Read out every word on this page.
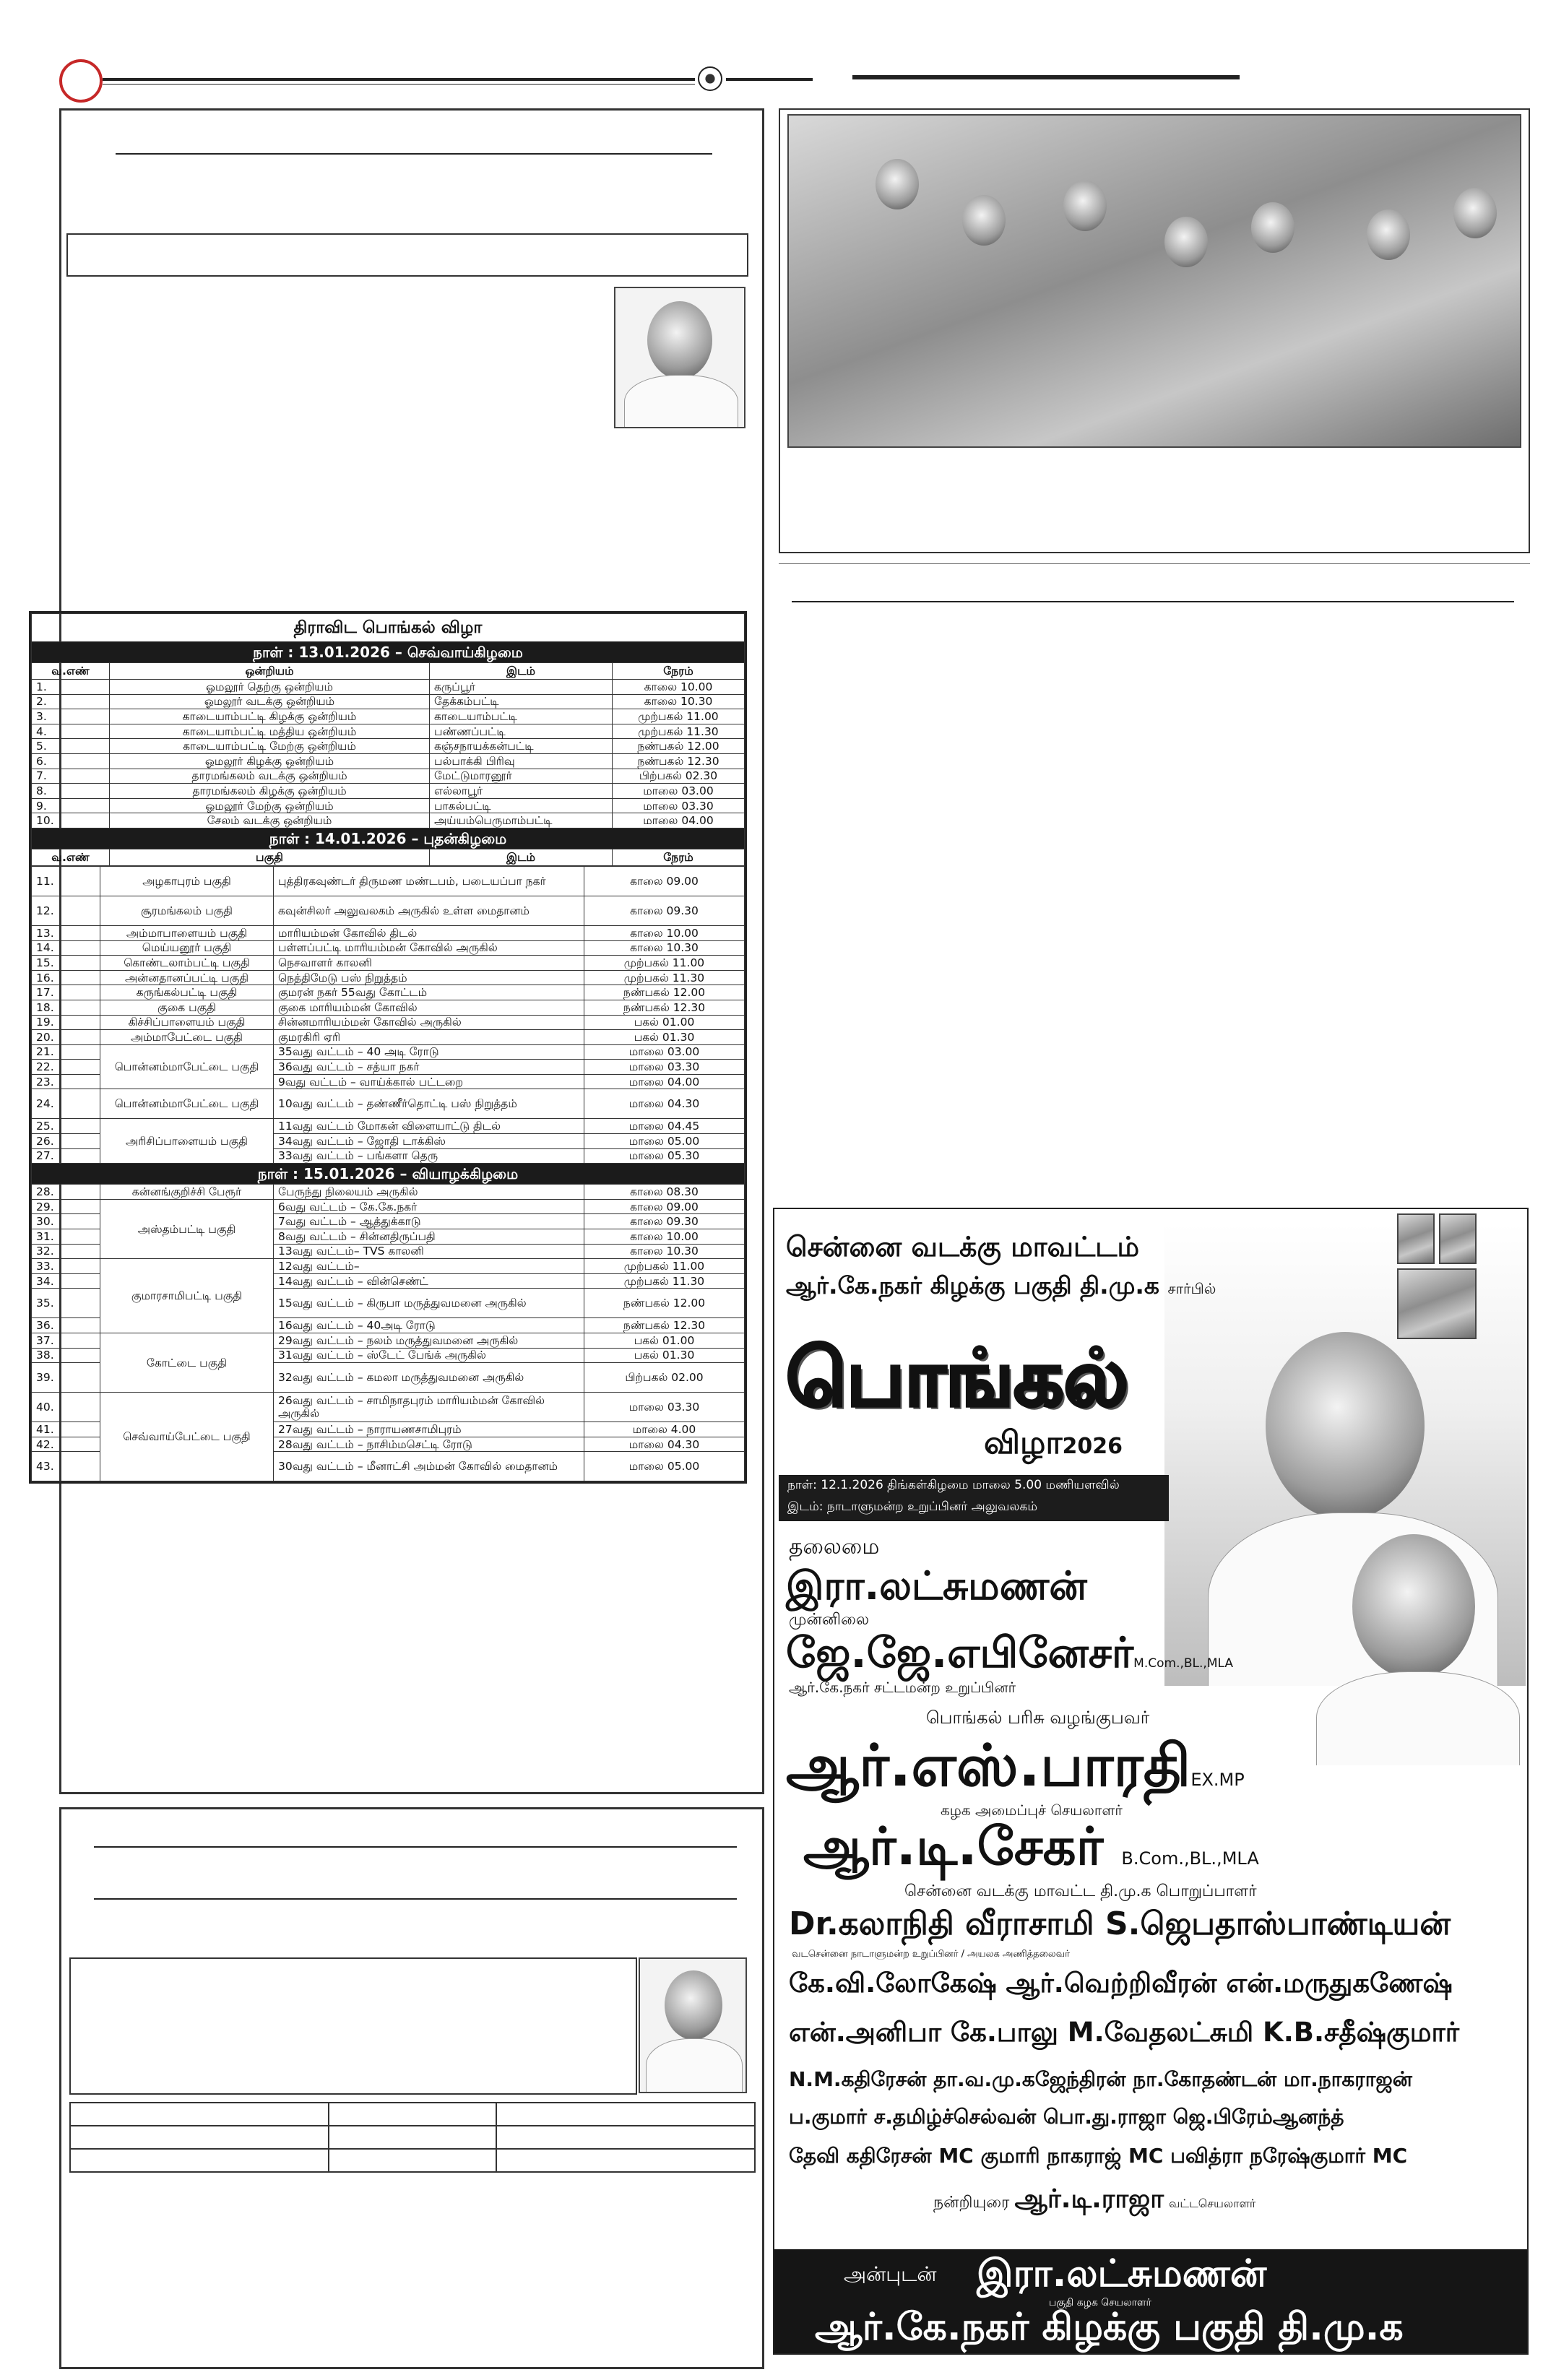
திராவிட பொங்கல் விழா			
நாள் : 13.01.2026 – செவ்வாய்கிழமை			
வ.எண்	ஒன்றியம்	இடம்	நேரம்
1.	ஓமலூர் தெற்கு ஒன்றியம்	கருப்பூர்	காலை 10.00
2.	ஓமலூர் வடக்கு ஒன்றியம்	தேக்கம்பட்டி	காலை 10.30
3.	காடையாம்பட்டி கிழக்கு ஒன்றியம்	காடையாம்பட்டி	முற்பகல் 11.00
4.	காடையாம்பட்டி மத்திய ஒன்றியம்	பண்ணப்பட்டி	முற்பகல் 11.30
5.	காடையாம்பட்டி மேற்கு ஒன்றியம்	கஞ்சநாயக்கன்பட்டி	நண்பகல் 12.00
6.	ஓமலூர் கிழக்கு ஒன்றியம்	பல்பாக்கி பிரிவு	நண்பகல் 12.30
7.	தாரமங்கலம் வடக்கு ஒன்றியம்	மேட்டுமாரனூர்	பிற்பகல் 02.30
8.	தாரமங்கலம் கிழக்கு ஒன்றியம்	எல்லாபூர்	மாலை 03.00
9.	ஓமலூர் மேற்கு ஒன்றியம்	பாகல்பட்டி	மாலை 03.30
10.	சேலம் வடக்கு ஒன்றியம்	அய்யம்பெருமாம்பட்டி	மாலை 04.00
நாள் : 14.01.2026 – புதன்கிழமை			
வ.எண்	பகுதி	இடம்	நேரம்
11.	அழகாபுரம் பகுதி	புத்திரகவுண்டர் திருமண மண்டபம், படையப்பா நகர்	காலை 09.00
12.	சூரமங்கலம் பகுதி	கவுன்சிலர் அலுவலகம் அருகில் உள்ள மைதானம்	காலை 09.30
13.	அம்மாபாளையம் பகுதி	மாரியம்மன் கோவில் திடல்	காலை 10.00
14.	மெய்யனூர் பகுதி	பள்ளப்பட்டி மாரியம்மன் கோவில் அருகில்	காலை 10.30
15.	கொண்டலாம்பட்டி பகுதி	நெசவாளர் காலனி	முற்பகல் 11.00
16.	அன்னதானப்பட்டி பகுதி	நெத்திமேடு பஸ் நிறுத்தம்	முற்பகல் 11.30
17.	கருங்கல்பட்டி பகுதி	குமரன் நகர் 55வது கோட்டம்	நண்பகல் 12.00
18.	குகை பகுதி	குகை மாரியம்மன் கோவில்	நண்பகல் 12.30
19.	கிச்சிப்பாளையம் பகுதி	சின்னமாரியம்மன் கோவில் அருகில்	பகல் 01.00
20.	அம்மாபேட்டை பகுதி	குமரகிரி ஏரி	பகல் 01.30
21.	பொன்னம்மாபேட்டை பகுதி	35வது வட்டம் – 40 அடி ரோடு	மாலை 03.00
22.		36வது வட்டம் – சத்யா நகர்	மாலை 03.30
23.		9வது வட்டம் – வாய்க்கால் பட்டறை	மாலை 04.00
24.	பொன்னம்மாபேட்டை பகுதி	10வது வட்டம் – தண்ணீர்தொட்டி பஸ் நிறுத்தம்	மாலை 04.30
25.	அரிசிப்பாளையம் பகுதி	11வது வட்டம் மோகன் விளையாட்டு திடல்	மாலை 04.45
26.		34வது வட்டம் – ஜோதி டாக்கிஸ்	மாலை 05.00
27.		33வது வட்டம் – பங்களா தெரு	மாலை 05.30
நாள் : 15.01.2026 – வியாழக்கிழமை			
28.	கன்னங்குறிச்சி பேரூர்	பேருந்து நிலையம் அருகில்	காலை 08.30
29.	அஸ்தம்பட்டி பகுதி	6வது வட்டம் – கே.கே.நகர்	காலை 09.00
30.		7வது வட்டம் – ஆத்துக்காடு	காலை 09.30
31.		8வது வட்டம் – சின்னதிருப்பதி	காலை 10.00
32.		13வது வட்டம்– TVS காலனி	காலை 10.30
33.	குமாரசாமிபட்டி பகுதி	12வது வட்டம்–	முற்பகல் 11.00
34.		14வது வட்டம் – வின்செண்ட்	முற்பகல் 11.30
35.		15வது வட்டம் – கிருபா மருத்துவமனை அருகில்	நண்பகல் 12.00
36.		16வது வட்டம் – 40அடி ரோடு	நண்பகல் 12.30
37.	கோட்டை பகுதி	29வது வட்டம் – நலம் மருத்துவமனை அருகில்	பகல் 01.00
38.		31வது வட்டம் – ஸ்டேட் பேங்க் அருகில்	பகல் 01.30
39.		32வது வட்டம் – கமலா மருத்துவமனை அருகில்	பிற்பகல் 02.00
40.	செவ்வாய்பேட்டை பகுதி	26வது வட்டம் – சாமிநாதபுரம் மாரியம்மன் கோவில் அருகில்	மாலை 03.30
41.		27வது வட்டம் – நாராயணசாமிபுரம்	மாலை 4.00
42.		28வது வட்டம் – நாசிம்மசெட்டி ரோடு	மாலை 04.30
43.		30வது வட்டம் – மீனாட்சி அம்மன் கோவில் மைதானம்	மாலை 05.00

சென்னை வடக்கு மாவட்டம்
ஆர்.கே.நகர் கிழக்கு பகுதி தி.மு.க சார்பில்
பொங்கல்
விழா2026
நாள்: 12.1.2026 திங்கள்கிழமை மாலை 5.00 மணியளவில்
இடம்: நாடாளுமன்ற உறுப்பினர் அலுவலகம்
தலைமை
இரா.லட்சுமணன்
முன்னிலை
ஜே.ஜே.எபினேசர்M.Com.,BL.,MLA
ஆர்.கே.நகர் சட்டமன்ற உறுப்பினர்
பொங்கல் பரிசு வழங்குபவர்
ஆர்.எஸ்.பாரதிEX.MP
கழக அமைப்புச் செயலாளர்
ஆர்.டி.சேகர் B.Com.,BL.,MLA
சென்னை வடக்கு மாவட்ட தி.மு.க பொறுப்பாளர்
Dr.கலாநிதி வீராசாமி S.ஜெபதாஸ்பாண்டியன்
வடசென்னை நாடாளுமன்ற உறுப்பினர் / அயலக அணித்தலைவர்
கே.வி.லோகேஷ் ஆர்.வெற்றிவீரன் என்.மருதுகணேஷ்
என்.அனிபா கே.பாலு M.வேதலட்சுமி K.B.சதீஷ்குமார்
N.M.கதிரேசன் தா.வ.மு.கஜேந்திரன் நா.கோதண்டன் மா.நாகராஜன்
ப.குமார் ச.தமிழ்ச்செல்வன் பொ.து.ராஜா ஜெ.பிரேம்ஆனந்த்
தேவி கதிரேசன் MC குமாரி நாகராஜ் MC பவித்ரா நரேஷ்குமார் MC
நன்றியுரை ஆர்.டி.ராஜா வட்டசெயலாளர்
அன்புடன் இரா.லட்சுமணன்
பகுதி கழக செயலாளர்
ஆர்.கே.நகர் கிழக்கு பகுதி தி.மு.க
